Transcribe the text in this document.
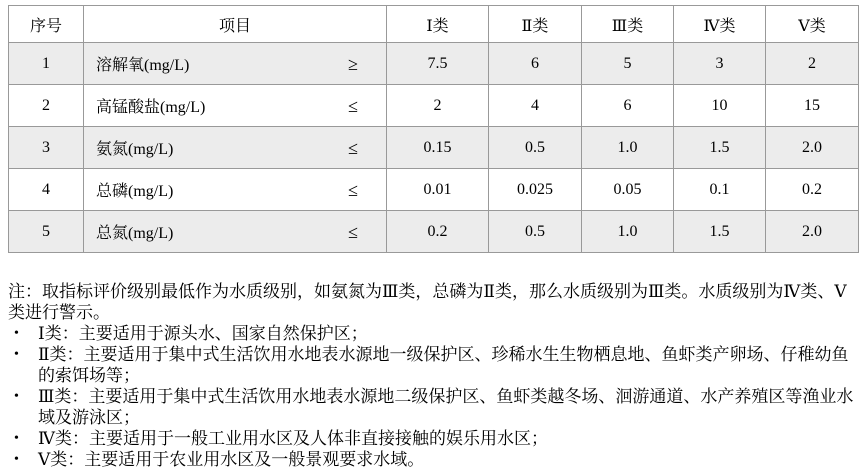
序号	项目	Ⅰ类	Ⅱ类	Ⅲ类	Ⅳ类	Ⅴ类
1	溶解氧(mg/L) ≥	7.5	6	5	3	2
2	高锰酸盐(mg/L) ≤	2	4	6	10	15
3	氨氮(mg/L) ≤	0.15	0.5	1.0	1.5	2.0
4	总磷(mg/L) ≤	0.01	0.025	0.05	0.1	0.2
5	总氮(mg/L) ≤	0.2	0.5	1.0	1.5	2.0

注：取指标评价级别最低作为水质级别，如氨氮为Ⅲ类，总磷为Ⅱ类，那么水质级别为Ⅲ类。水质级别为Ⅳ类、Ⅴ类进行警示。

•	Ⅰ类：主要适用于源头水、国家自然保护区；
•	Ⅱ类：主要适用于集中式生活饮用水地表水源地一级保护区、珍稀水生生物栖息地、鱼虾类产卵场、仔稚幼鱼的索饵场等；
•	Ⅲ类：主要适用于集中式生活饮用水地表水源地二级保护区、鱼虾类越冬场、洄游通道、水产养殖区等渔业水域及游泳区；
•	Ⅳ类：主要适用于一般工业用水区及人体非直接接触的娱乐用水区；
•	Ⅴ类：主要适用于农业用水区及一般景观要求水域。
